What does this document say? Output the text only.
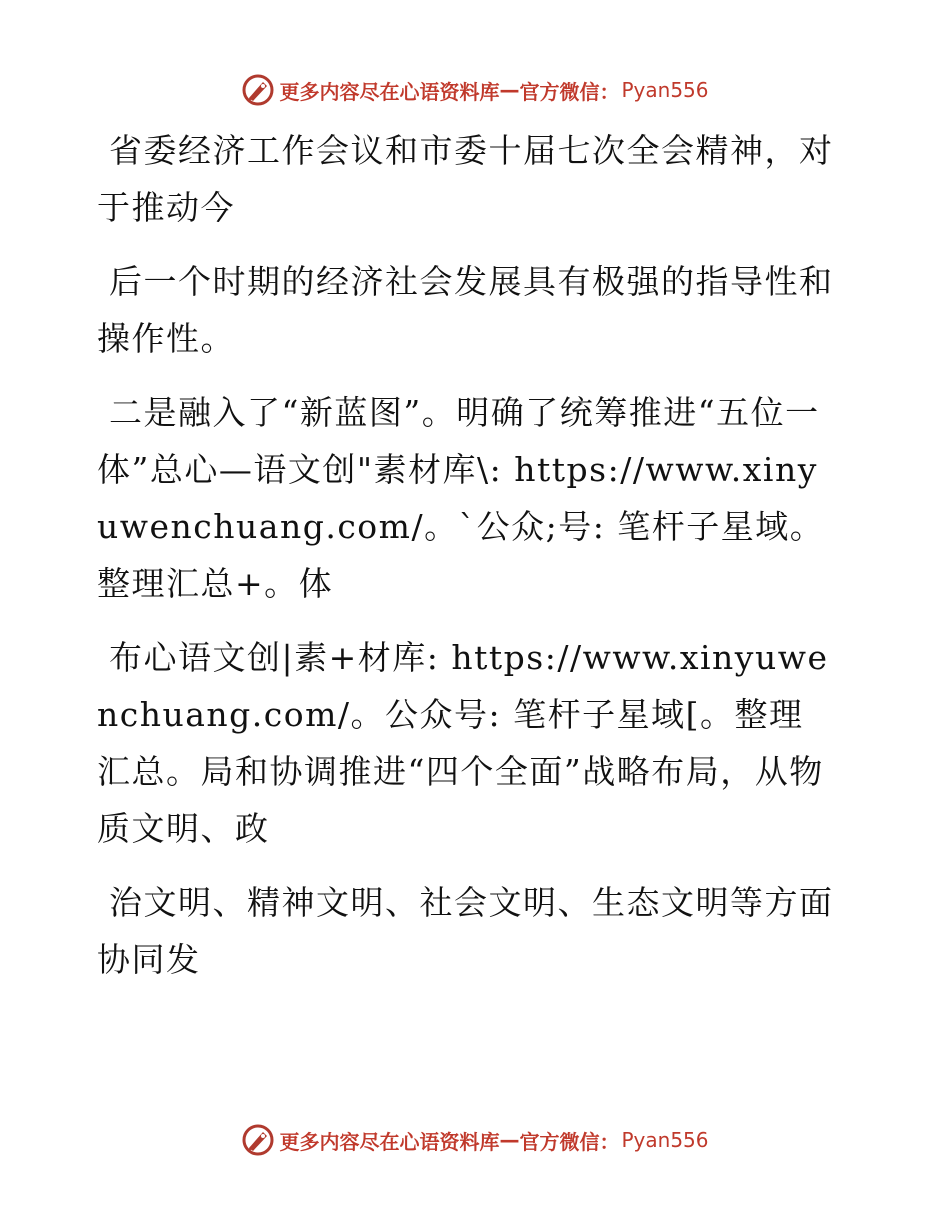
更多内容尽在心语资料库 — 官方微信： Pyan556

省委经济工作会议和市委十届七次全会精神，对于推动今

后一个时期的经济社会发展具有极强的指导性和操作性。

二是融入了“新蓝图”。明确了统筹推进“五位一体”总心—语文创"素材库\: https://www.xinyuwenchuang.com/。`公众;号: 笔杆子星域。整理汇总+。体

布心语文创|素+材库: https://www.xinyuwenchuang.com/。公众号: 笔杆子星域[。整理汇总。局和协调推进“四个全面”战略布局，从物质文明、政

治文明、精神文明、社会文明、生态文明等方面协同发

更多内容尽在心语资料库 — 官方微信： Pyan556
